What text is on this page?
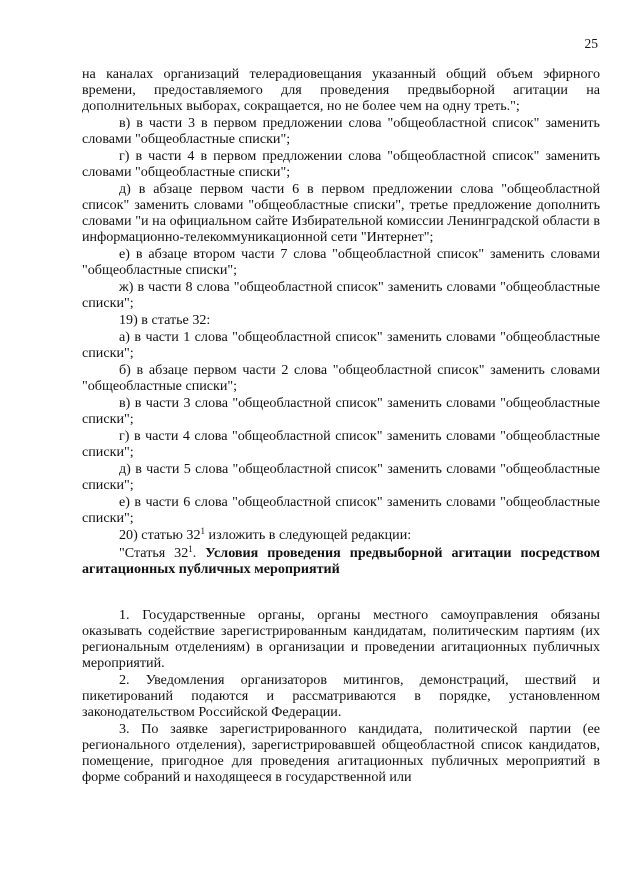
25

на каналах организаций телерадиовещания указанный общий объем эфирного времени, предоставляемого для проведения предвыборной агитации на дополнительных выборах, сокращается, но не более чем на одну треть.";

в) в части 3 в первом предложении слова "общеобластной список" заменить словами "общеобластные списки";

г) в части 4 в первом предложении слова "общеобластной список" заменить словами "общеобластные списки";

д) в абзаце первом части 6 в первом предложении слова "общеобластной список" заменить словами "общеобластные списки", третье предложение дополнить словами "и на официальном сайте Избирательной комиссии Ленинградской области в информационно-телекоммуникационной сети "Интернет";

е) в абзаце втором части 7 слова "общеобластной список" заменить словами "общеобластные списки";

ж) в части 8 слова "общеобластной список" заменить словами "общеобластные списки";

19) в статье 32:

а) в части 1 слова "общеобластной список" заменить словами "общеобластные списки";

б) в абзаце первом части 2 слова "общеобластной список" заменить словами "общеобластные списки";

в) в части 3 слова "общеобластной список" заменить словами "общеобластные списки";

г) в части 4 слова "общеобластной список" заменить словами "общеобластные списки";

д) в части 5 слова "общеобластной список" заменить словами "общеобластные списки";

е) в части 6 слова "общеобластной список" заменить словами "общеобластные списки";

20) статью $32^1$ изложить в следующей редакции:

"Статья $32^1$. Условия проведения предвыборной агитации посредством агитационных публичных мероприятий

1. Государственные органы, органы местного самоуправления обязаны оказывать содействие зарегистрированным кандидатам, политическим партиям (их региональным отделениям) в организации и проведении агитационных публичных мероприятий.

2. Уведомления организаторов митингов, демонстраций, шествий и пикетирований подаются и рассматриваются в порядке, установленном законодательством Российской Федерации.

3. По заявке зарегистрированного кандидата, политической партии (ее регионального отделения), зарегистрировавшей общеобластной список кандидатов, помещение, пригодное для проведения агитационных публичных мероприятий в форме собраний и находящееся в государственной или
